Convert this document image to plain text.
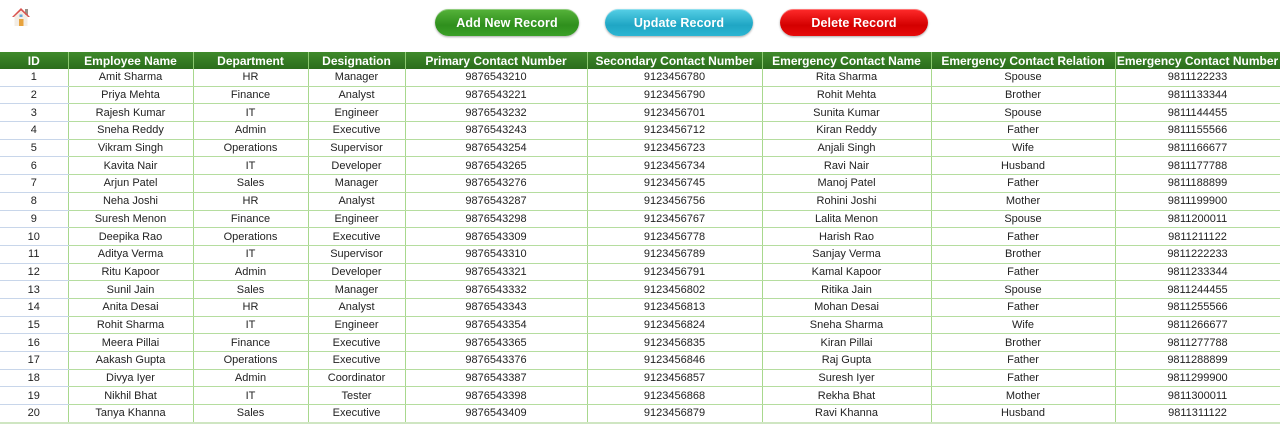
Add New Record	Update Record	Delete Record
ID	Employee Name	Department	Designation	Primary Contact Number	Secondary Contact Number	Emergency Contact Name	Emergency Contact Relation	Emergency Contact Number
1	Amit Sharma	HR	Manager	9876543210	9123456780	Rita Sharma	Spouse	9811122233
2	Priya Mehta	Finance	Analyst	9876543221	9123456790	Rohit Mehta	Brother	9811133344
3	Rajesh Kumar	IT	Engineer	9876543232	9123456701	Sunita Kumar	Spouse	9811144455
4	Sneha Reddy	Admin	Executive	9876543243	9123456712	Kiran Reddy	Father	9811155566
5	Vikram Singh	Operations	Supervisor	9876543254	9123456723	Anjali Singh	Wife	9811166677
6	Kavita Nair	IT	Developer	9876543265	9123456734	Ravi Nair	Husband	9811177788
7	Arjun Patel	Sales	Manager	9876543276	9123456745	Manoj Patel	Father	9811188899
8	Neha Joshi	HR	Analyst	9876543287	9123456756	Rohini Joshi	Mother	9811199900
9	Suresh Menon	Finance	Engineer	9876543298	9123456767	Lalita Menon	Spouse	9811200011
10	Deepika Rao	Operations	Executive	9876543309	9123456778	Harish Rao	Father	9811211122
11	Aditya Verma	IT	Supervisor	9876543310	9123456789	Sanjay Verma	Brother	9811222233
12	Ritu Kapoor	Admin	Developer	9876543321	9123456791	Kamal Kapoor	Father	9811233344
13	Sunil Jain	Sales	Manager	9876543332	9123456802	Ritika Jain	Spouse	9811244455
14	Anita Desai	HR	Analyst	9876543343	9123456813	Mohan Desai	Father	9811255566
15	Rohit Sharma	IT	Engineer	9876543354	9123456824	Sneha Sharma	Wife	9811266677
16	Meera Pillai	Finance	Executive	9876543365	9123456835	Kiran Pillai	Brother	9811277788
17	Aakash Gupta	Operations	Executive	9876543376	9123456846	Raj Gupta	Father	9811288899
18	Divya Iyer	Admin	Coordinator	9876543387	9123456857	Suresh Iyer	Father	9811299900
19	Nikhil Bhat	IT	Tester	9876543398	9123456868	Rekha Bhat	Mother	9811300011
20	Tanya Khanna	Sales	Executive	9876543409	9123456879	Ravi Khanna	Husband	9811311122
